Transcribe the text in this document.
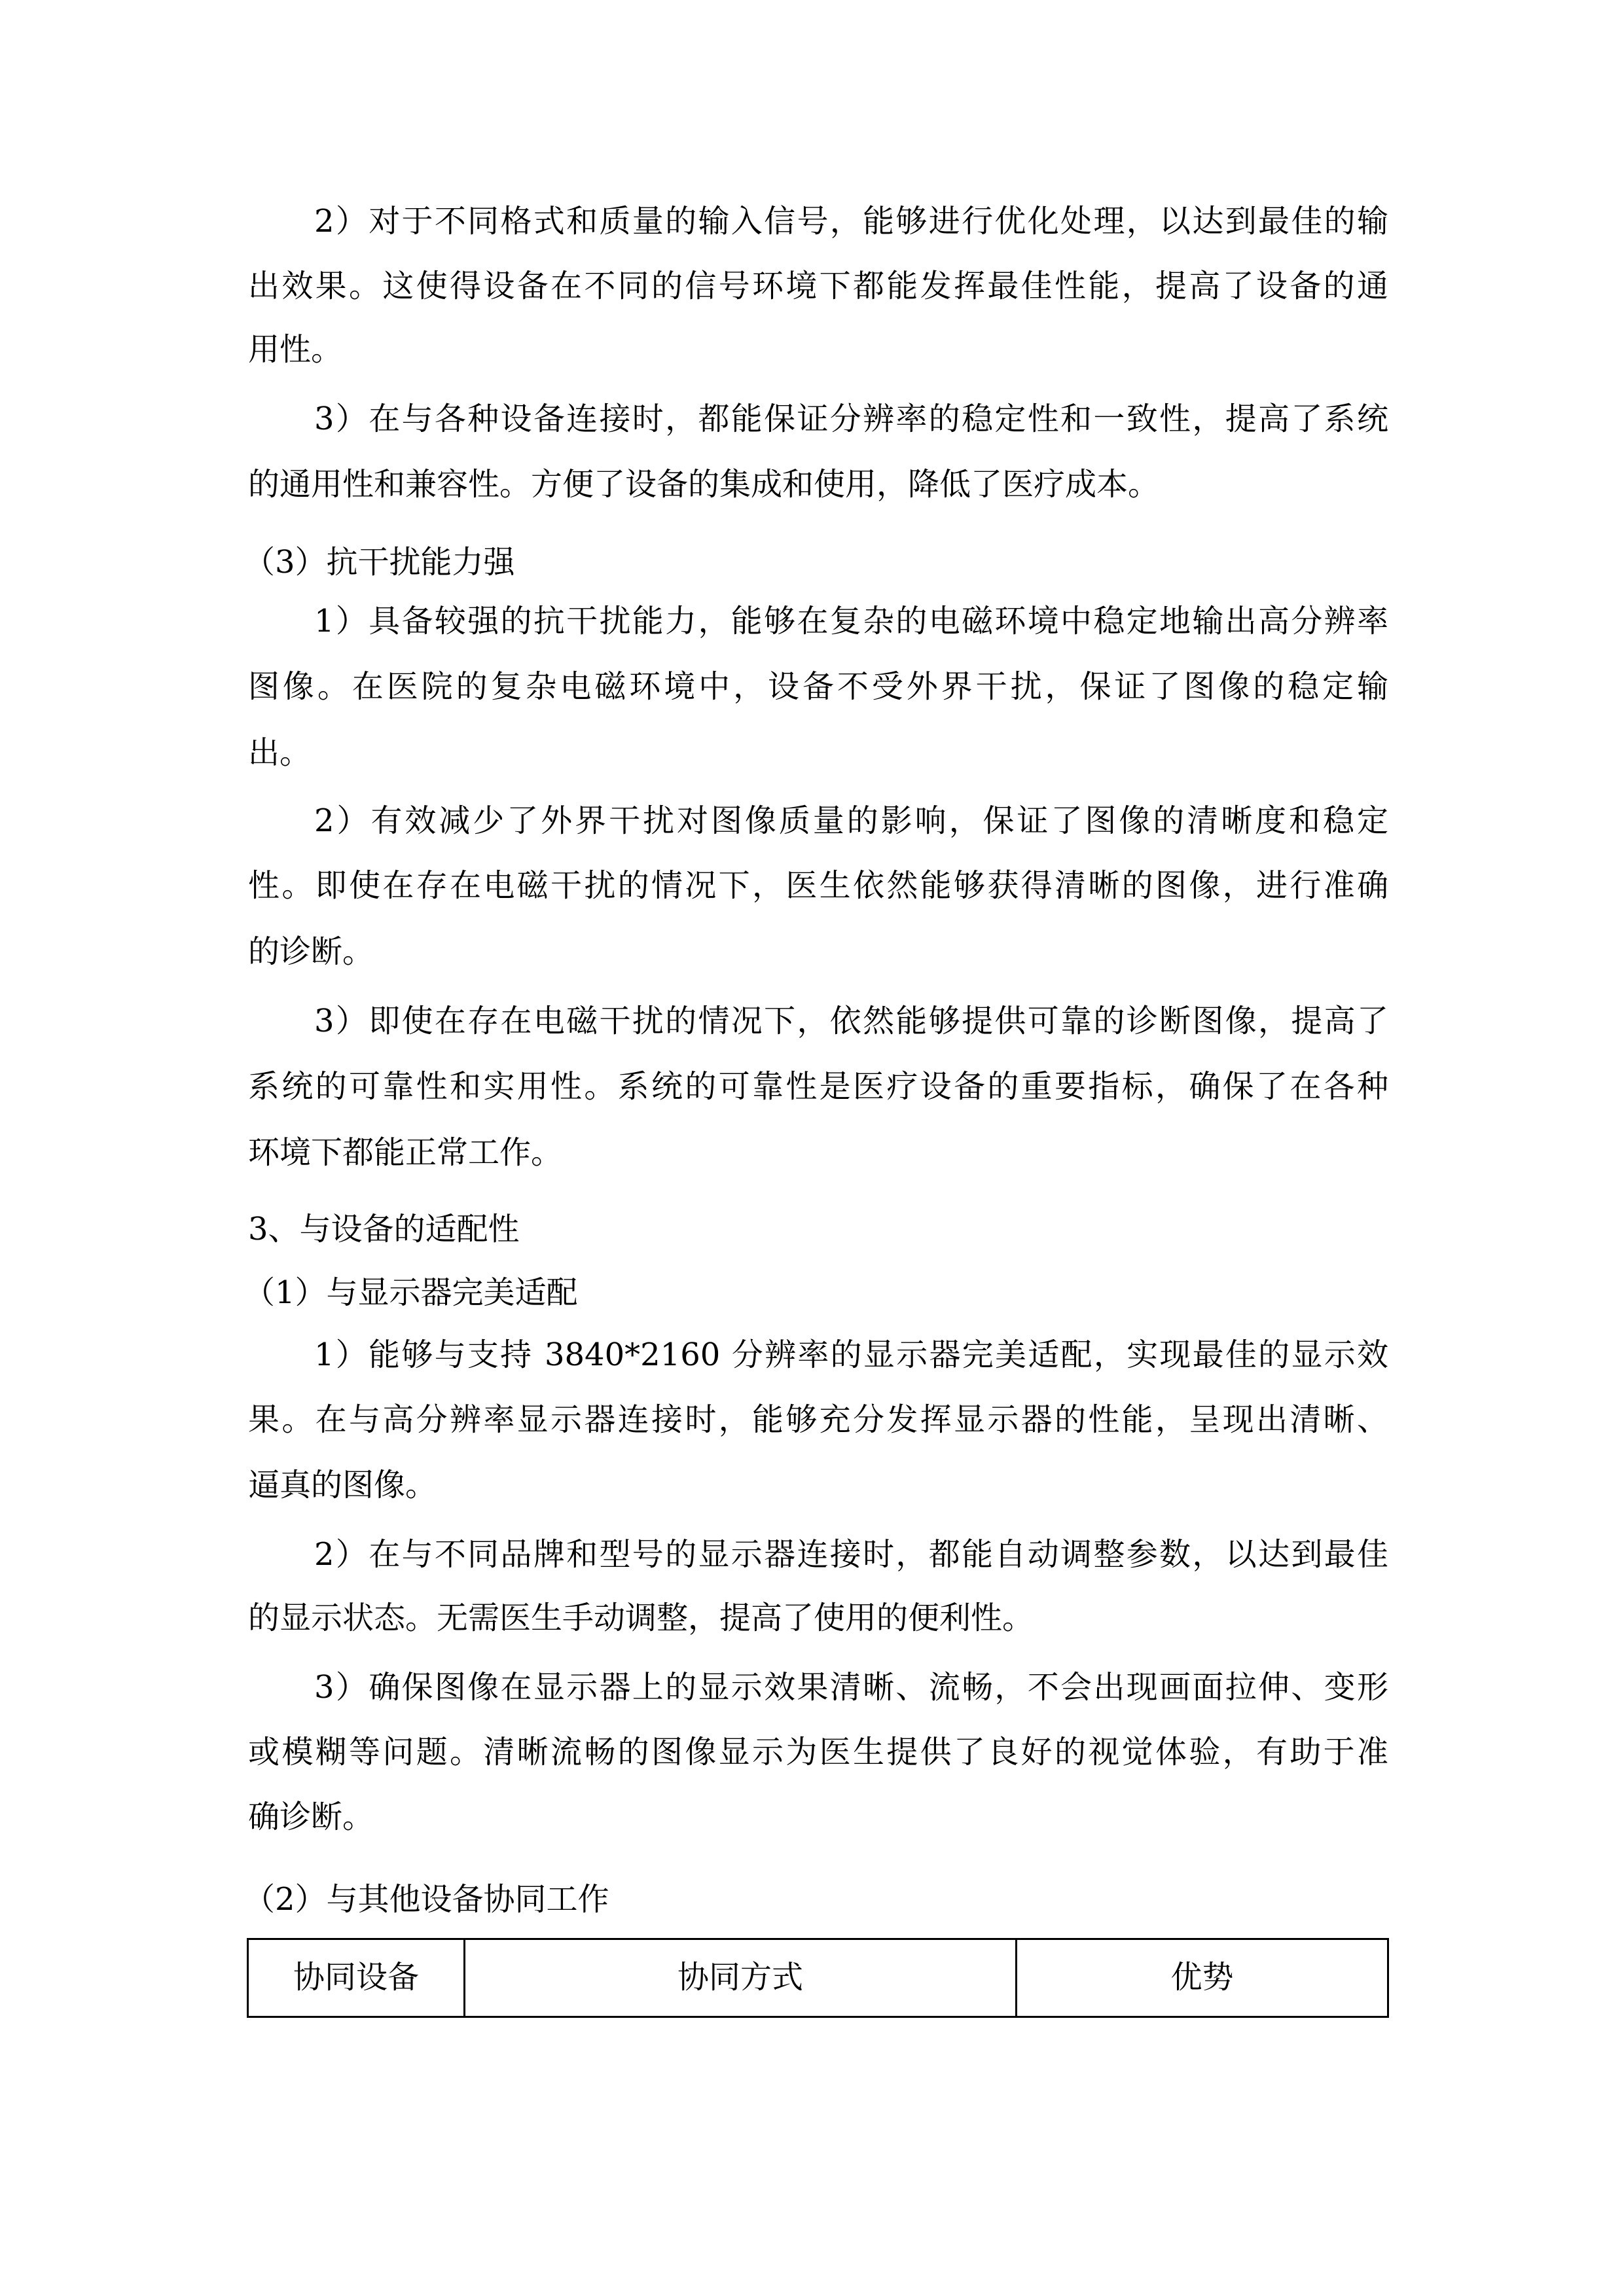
2）对于不同格式和质量的输入信号，能够进行优化处理，以达到最佳的输
出效果。这使得设备在不同的信号环境下都能发挥最佳性能，提高了设备的通
用性。
3）在与各种设备连接时，都能保证分辨率的稳定性和一致性，提高了系统
的通用性和兼容性。方便了设备的集成和使用，降低了医疗成本。
（3）抗干扰能力强
1）具备较强的抗干扰能力，能够在复杂的电磁环境中稳定地输出高分辨率
图像。在医院的复杂电磁环境中，设备不受外界干扰，保证了图像的稳定输
出。
2）有效减少了外界干扰对图像质量的影响，保证了图像的清晰度和稳定
性。即使在存在电磁干扰的情况下，医生依然能够获得清晰的图像，进行准确
的诊断。
3）即使在存在电磁干扰的情况下，依然能够提供可靠的诊断图像，提高了
系统的可靠性和实用性。系统的可靠性是医疗设备的重要指标，确保了在各种
环境下都能正常工作。
3、与设备的适配性
（1）与显示器完美适配
1）能够与支持 3840*2160 分辨率的显示器完美适配，实现最佳的显示效
果。在与高分辨率显示器连接时，能够充分发挥显示器的性能，呈现出清晰、
逼真的图像。
2）在与不同品牌和型号的显示器连接时，都能自动调整参数，以达到最佳
的显示状态。无需医生手动调整，提高了使用的便利性。
3）确保图像在显示器上的显示效果清晰、流畅，不会出现画面拉伸、变形
或模糊等问题。清晰流畅的图像显示为医生提供了良好的视觉体验，有助于准
确诊断。
（2）与其他设备协同工作
协同设备	协同方式	优势
